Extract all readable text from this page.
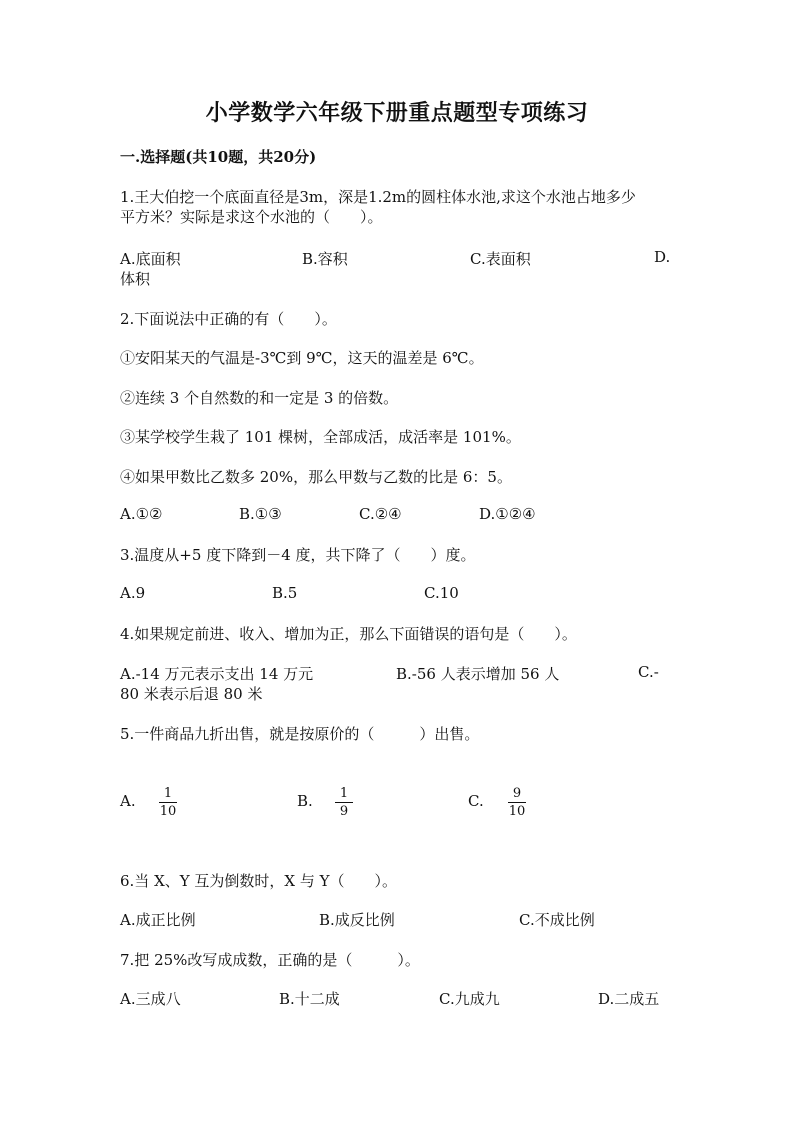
小学数学六年级下册重点题型专项练习
一.选择题(共10题，共20分)
1.王大伯挖一个底面直径是3m，深是1.2m的圆柱体水池,求这个水池占地多少
平方米？实际是求这个水池的（　　）。
A.底面积	B.容积	C.表面积	D.
体积
2.下面说法中正确的有（　　）。
①安阳某天的气温是-3℃到 9℃，这天的温差是 6℃。
②连续 3 个自然数的和一定是 3 的倍数。
③某学校学生栽了 101 棵树，全部成活，成活率是 101%。
④如果甲数比乙数多 20%，那么甲数与乙数的比是 6：5。
A.①②	B.①③	C.②④	D.①②④
3.温度从+5 度下降到－4 度，共下降了（　　）度。
A.9	B.5	C.10
4.如果规定前进、收入、增加为正，那么下面错误的语句是（　　）。
A.-14 万元表示支出 14 万元	B.-56 人表示增加 56 人	C.-
80 米表示后退 80 米
5.一件商品九折出售，就是按原价的（　　　）出售。
A. 1
10
B. 1
9
C. 9
10
6.当 X、Y 互为倒数时，X 与 Y（　　）。
A.成正比例	B.成反比例	C.不成比例
7.把 25%改写成成数，正确的是（　　　）。
A.三成八	B.十二成	C.九成九	D.二成五
